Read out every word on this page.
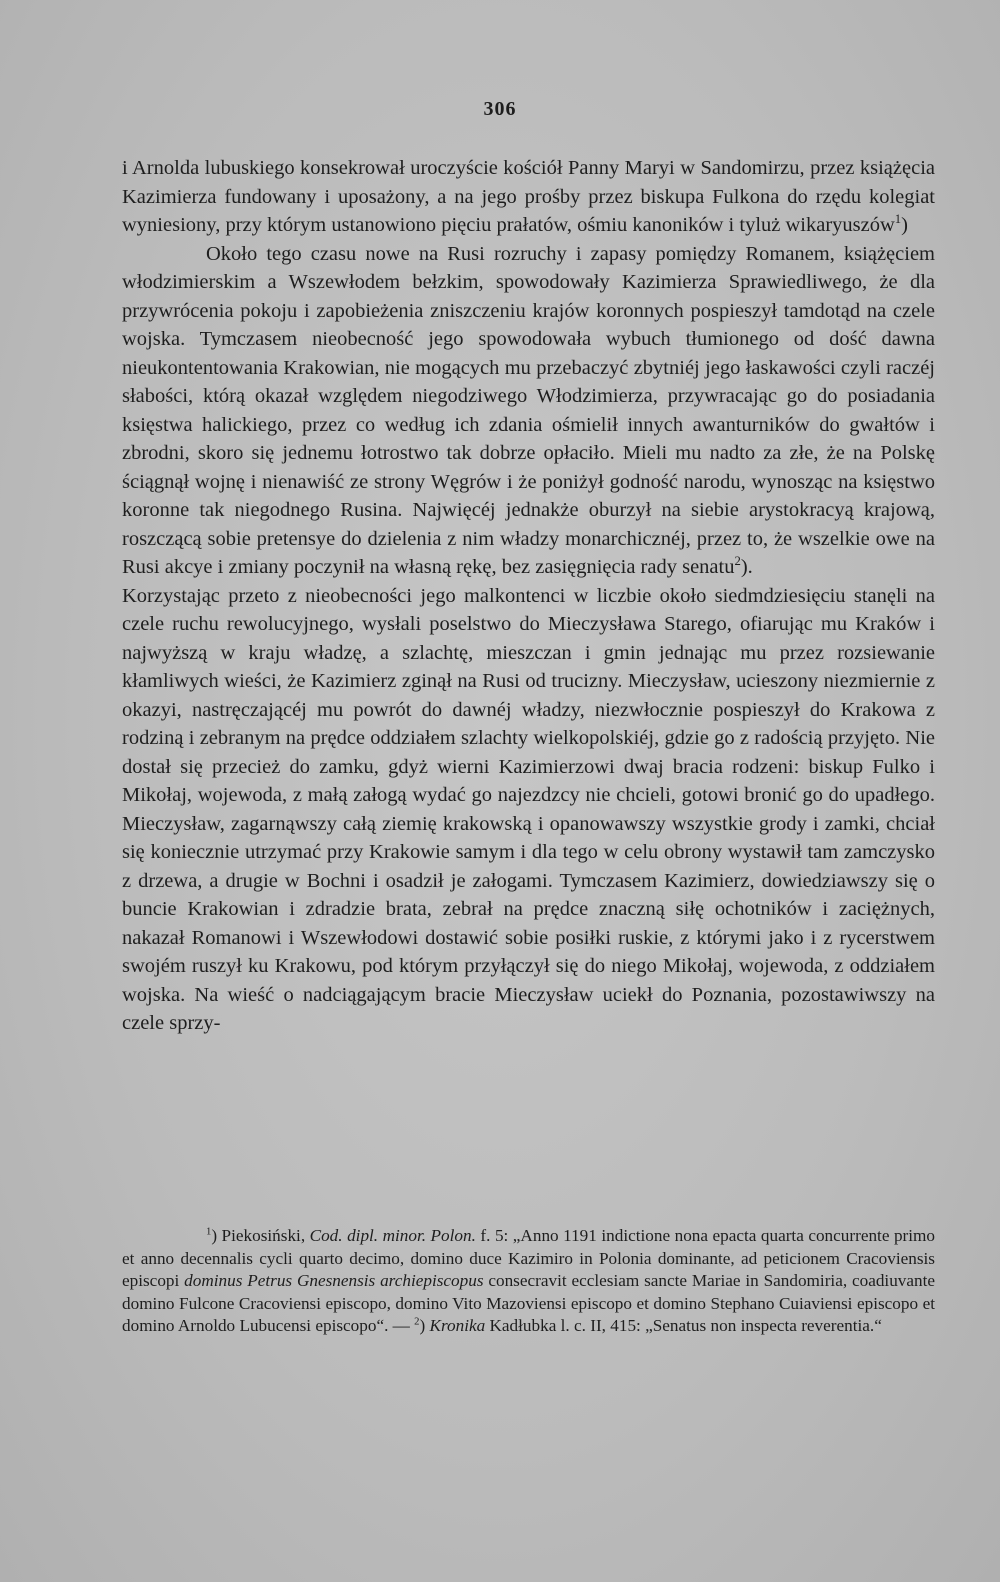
306

i Arnolda lubuskiego konsekrował uroczyście kościół Panny Maryi w Sandomirzu, przez książęcia Kazimierza fundowany i uposażony, a na jego prośby przez biskupa Fulkona do rzędu kolegiat wyniesiony, przy którym ustanowiono pięciu prałatów, ośmiu kanoników i tyluż wikaryuszów$^1$)

Około tego czasu nowe na Rusi rozruchy i zapasy pomiędzy Romanem, książęciem włodzimierskim a Wszewłodem bełzkim, spowodowały Kazimierza Sprawiedliwego, że dla przywrócenia pokoju i zapobieżenia zniszczeniu krajów koronnych pospieszył tamdotąd na czele wojska. Tymczasem nieobecność jego spowodowała wybuch tłumionego od dość dawna nieukontentowania Krakowian, nie mogących mu przebaczyć zbytniéj jego łaskawości czyli raczéj słabości, którą okazał względem niegodziwego Włodzimierza, przywracając go do posiadania księstwa halickiego, przez co według ich zdania ośmielił innych awanturników do gwałtów i zbrodni, skoro się jednemu łotrostwo tak dobrze opłaciło. Mieli mu nadto za złe, że na Polskę ściągnął wojnę i nienawiść ze strony Węgrów i że poniżył godność narodu, wynosząc na księstwo koronne tak niegodnego Rusina. Najwięcéj jednakże oburzył na siebie arystokracyą krajową, roszczącą sobie pretensye do dzielenia z nim władzy monarchicznéj, przez to, że wszelkie owe na Rusi akcye i zmiany poczynił na własną rękę, bez zasięgnięcia rady senatu$^2$).

Korzystając przeto z nieobecności jego malkontenci w liczbie około siedmdziesięciu stanęli na czele ruchu rewolucyjnego, wysłali poselstwo do Mieczysława Starego, ofiarując mu Kraków i najwyższą w kraju władzę, a szlachtę, mieszczan i gmin jednając mu przez rozsiewanie kłamliwych wieści, że Kazimierz zginął na Rusi od trucizny. Mieczysław, ucieszony niezmiernie z okazyi, nastręczającéj mu powrót do dawnéj władzy, niezwłocznie pospieszył do Krakowa z rodziną i zebranym na prędce oddziałem szlachty wielkopolskiéj, gdzie go z radością przyjęto. Nie dostał się przecież do zamku, gdyż wierni Kazimierzowi dwaj bracia rodzeni: biskup Fulko i Mikołaj, wojewoda, z małą załogą wydać go najezdzcy nie chcieli, gotowi bronić go do upadłego. Mieczysław, zagarnąwszy całą ziemię krakowską i opanowawszy wszystkie grody i zamki, chciał się koniecznie utrzymać przy Krakowie samym i dla tego w celu obrony wystawił tam zamczysko z drzewa, a drugie w Bochni i osadził je załogami. Tymczasem Kazimierz, dowiedziawszy się o buncie Krakowian i zdradzie brata, zebrał na prędce znaczną siłę ochotników i zaciężnych, nakazał Romanowi i Wszewłodowi dostawić sobie posiłki ruskie, z którymi jako i z rycerstwem swojém ruszył ku Krakowu, pod którym przyłączył się do niego Mikołaj, wojewoda, z oddziałem wojska. Na wieść o nadciągającym bracie Mieczysław uciekł do Poznania, pozostawiwszy na czele sprzy-

$^1$) Piekosiński, Cod. dipl. minor. Polon. f. 5: „Anno 1191 indictione nona epacta quarta concurrente primo et anno decennalis cycli quarto decimo, domino duce Kazimiro in Polonia dominante, ad peticionem Cracoviensis episcopi dominus Petrus Gnesnensis archiepiscopus consecravit ecclesiam sancte Mariae in Sandomiria, coadiuvante domino Fulcone Cracoviensi episcopo, domino Vito Mazoviensi episcopo et domino Stephano Cuiaviensi episcopo et domino Arnoldo Lubucensi episcopo“. — $^2$) Kronika Kadłubka l. c. II, 415: „Senatus non inspecta reverentia.“
